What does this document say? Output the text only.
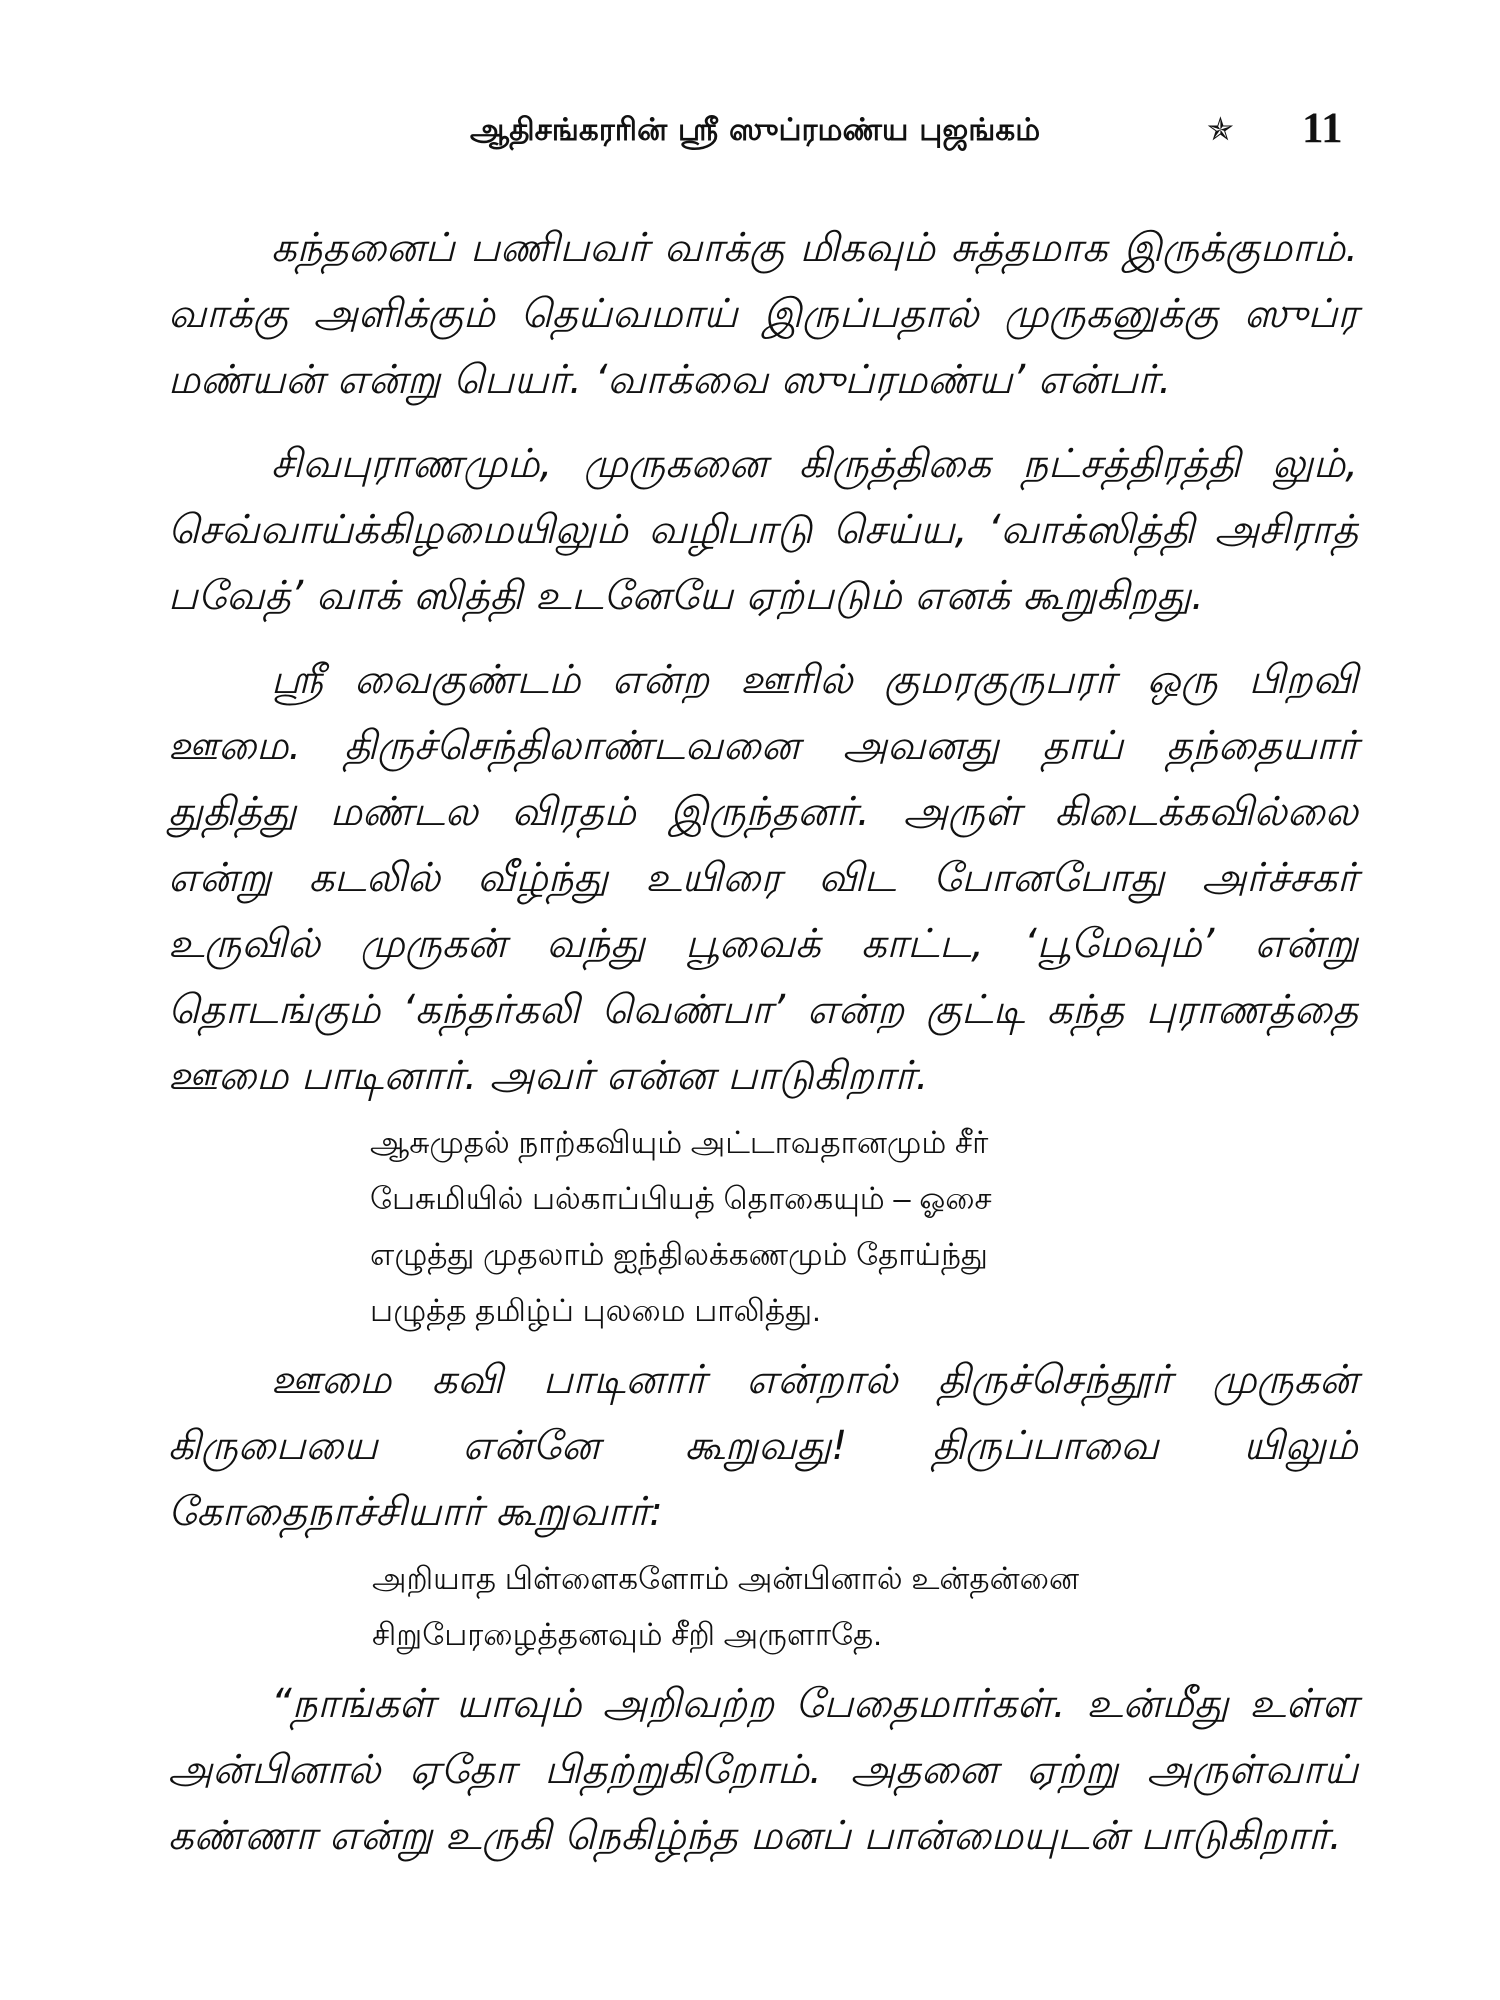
ஆதிசங்கரரின் ஸ்ரீ ஸுப்ரமண்ய புஜங்கம்	✯ 11

கந்தனைப் பணிபவர் வாக்கு மிகவும் சுத்தமாக இருக்குமாம். வாக்கு அளிக்கும் தெய்வமாய் இருப்பதால் முருகனுக்கு ஸுப்ர மண்யன் என்று பெயர். ‘வாக்வை ஸுப்ரமண்ய’ என்பர்.

சிவபுராணமும், முருகனை கிருத்திகை நட்சத்திரத்தி லும், செவ்வாய்க்கிழமையிலும் வழிபாடு செய்ய, ‘வாக்ஸித்தி அசிராத் பவேத்’ வாக் ஸித்தி உடனேயே ஏற்படும் எனக் கூறுகிறது.

ஸ்ரீ வைகுண்டம் என்ற ஊரில் குமரகுருபரர் ஒரு பிறவி ஊமை. திருச்செந்திலாண்டவனை அவனது தாய் தந்தையார் துதித்து மண்டல விரதம் இருந்தனர். அருள் கிடைக்கவில்லை என்று கடலில் வீழ்ந்து உயிரை விட போனபோது அர்ச்சகர் உருவில் முருகன் வந்து பூவைக் காட்ட, ‘பூமேவும்’ என்று தொடங்கும் ‘கந்தர்கலி வெண்பா’ என்ற குட்டி கந்த புராணத்தை ஊமை பாடினார். அவர் என்ன பாடுகிறார்.

ஆசுமுதல் நாற்கவியும் அட்டாவதானமும் சீர்
பேசுமியில் பல்காப்பியத் தொகையும் – ஓசை
எழுத்து முதலாம் ஐந்திலக்கணமும் தோய்ந்து
பழுத்த தமிழ்ப் புலமை பாலித்து.

ஊமை கவி பாடினார் என்றால் திருச்செந்தூர் முருகன் கிருபையை என்னே கூறுவது! திருப்பாவை யிலும் கோதைநாச்சியார் கூறுவார்:

அறியாத பிள்ளைகளோம் அன்பினால் உன்தன்னை
சிறுபேரழைத்தனவும் சீறி அருளாதே.

“நாங்கள் யாவும் அறிவற்ற பேதைமார்கள். உன்மீது உள்ள அன்பினால் ஏதோ பிதற்றுகிறோம். அதனை ஏற்று அருள்வாய் கண்ணா என்று உருகி நெகிழ்ந்த மனப் பான்மையுடன் பாடுகிறார்.
